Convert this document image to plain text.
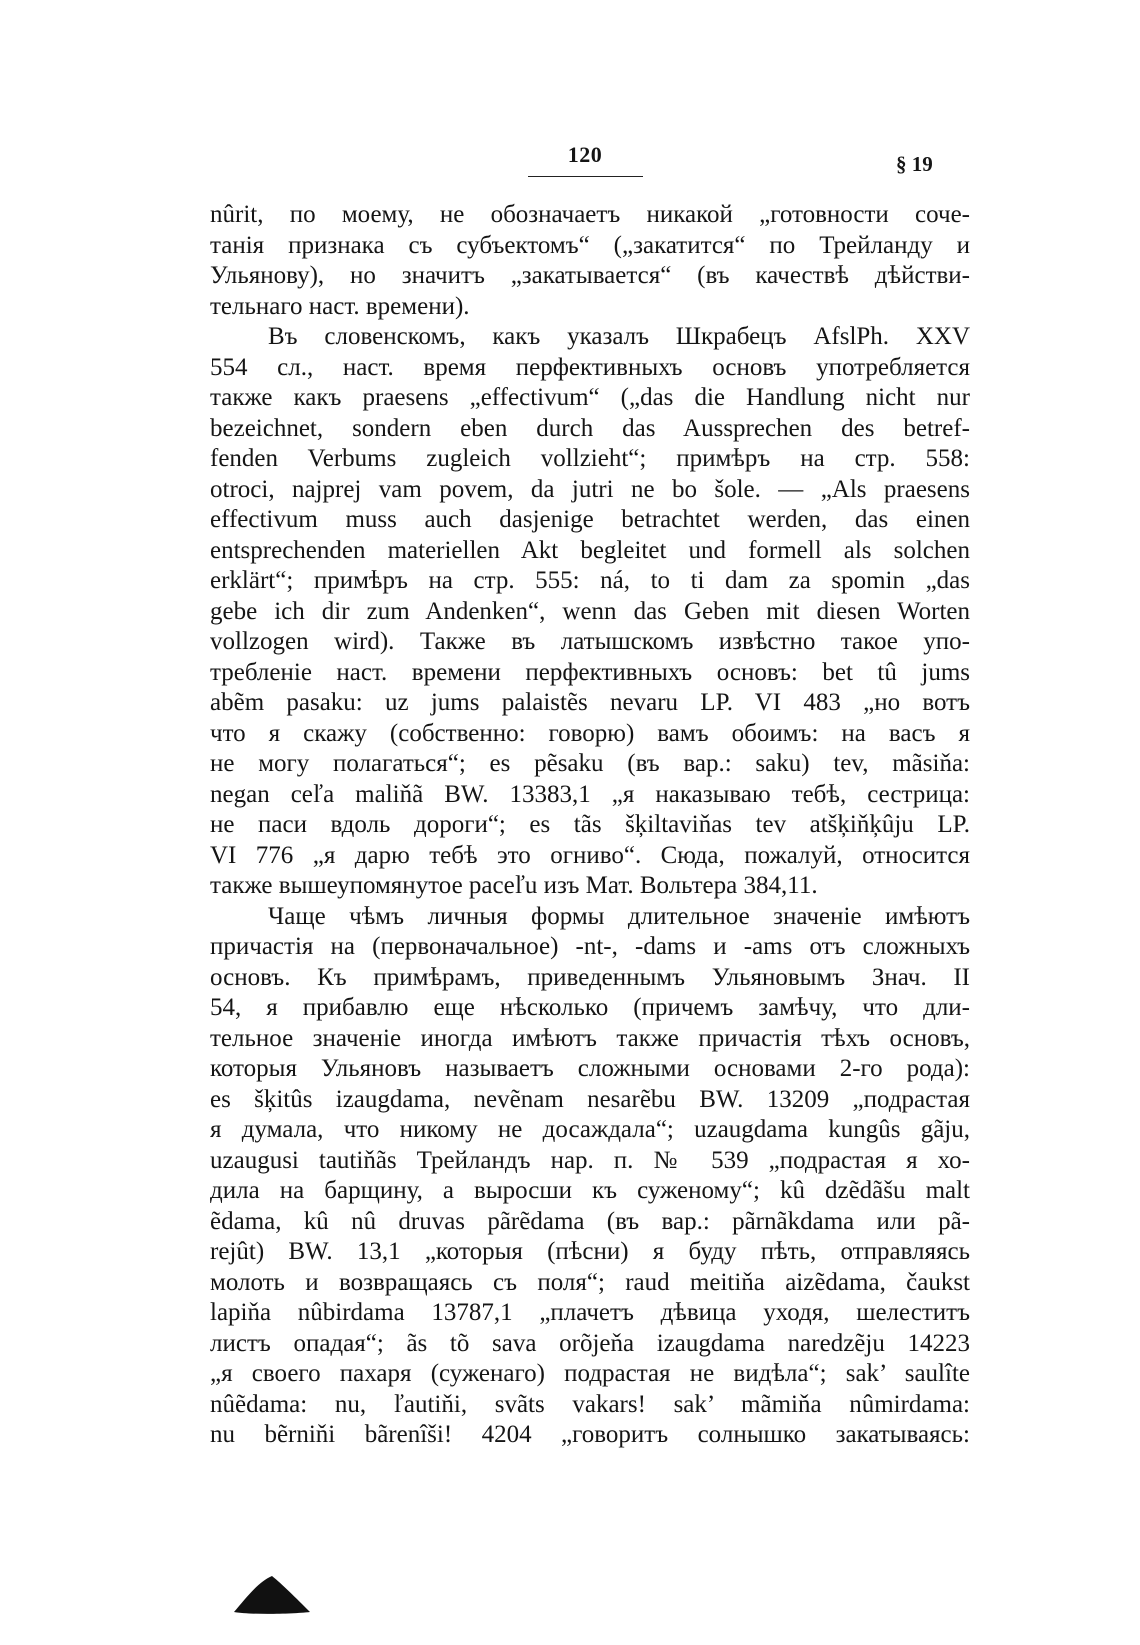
120	§ 19
nûrit, по моему, не обозначаетъ никакой „готовности соче-
танія признака съ субъектомъ“ („закатится“ по Трейланду и
Ульянову), но значитъ „закатывается“ (въ качествѣ дѣйстви-
тельнаго наст. времени).
Въ словенскомъ, какъ указалъ Шкрабецъ AfslPh. XXV
554 сл., наст. время перфективныхъ основъ употребляется
также какъ praesens „effectivum“ („das die Handlung nicht nur
bezeichnet, sondern eben durch das Aussprechen des betref-
fenden Verbums zugleich vollzieht“; примѣръ на стр. 558:
otroci, najprej vam povem, da jutri ne bo šole. — „Als praesens
effectivum muss auch dasjenige betrachtet werden, das einen
entsprechenden materiellen Akt begleitet und formell als solchen
erklärt“; примѣръ на стр. 555: ná, to ti dam za spomin „das
gebe ich dir zum Andenken“, wenn das Geben mit diesen Worten
vollzogen wird). Также въ латышскомъ извѣстно такое упо-
требленіе наст. времени перфективныхъ основъ: bet tû jums
abẽm pasaku: uz jums palaistẽs nevaru LP. VI 483 „но вотъ
что я скажу (собственно: говорю) вамъ обоимъ: на васъ я
не могу полагаться“; es pẽsaku (въ вар.: saku) tev, mãsiňa:
negan ceľa maliňã BW. 13383,1 „я наказываю тебѣ, сестрица:
не паси вдоль дороги“; es tãs šķiltaviňas tev atšķiňķûju LP.
VI 776 „я дарю тебѣ это огниво“. Сюда, пожалуй, относится
также вышеупомянутое paceľu изъ Мат. Вольтера 384,11.
Чаще чѣмъ личныя формы длительное значеніе имѣютъ
причастія на (первоначальное) -nt-, -dams и -ams отъ сложныхъ
основъ. Къ примѣрамъ, приведеннымъ Ульяновымъ Знач. II
54, я прибавлю еще нѣсколько (причемъ замѣчу, что дли-
тельное значеніе иногда имѣютъ также причастія тѣхъ основъ,
которыя Ульяновъ называетъ сложными основами 2-го рода):
es šķitûs izaugdama, nevẽnam nesarẽbu BW. 13209 „подрастая
я думала, что никому не досаждала“; uzaugdama kungûs gãju,
uzaugusi tautiňãs Трейландъ нар. п. № 539 „подрастая я хо-
дила на барщину, а выросши къ суженому“; kû dzẽdãšu malt
ẽdama, kû nû druvas pãrẽdama (въ вар.: pãrnãkdama или pã-
rejût) BW. 13,1 „которыя (пѣсни) я буду пѣть, отправляясь
молоть и возвращаясь съ поля“; raud meitiňa aizẽdama, čaukst
lapiňa nûbirdama 13787,1 „плачетъ дѣвица уходя, шелеститъ
листъ опадая“; ãs tõ sava orõjeňa izaugdama naredzẽju 14223
„я своего пахаря (суженаго) подрастая не видѣла“; sak’ saulîte
nûẽdama: nu, ľautiňi, svãts vakars! sak’ mãmiňa nûmirdama:
nu bẽrniňi bãrenîši! 4204 „говоритъ солнышко закатываясь:
